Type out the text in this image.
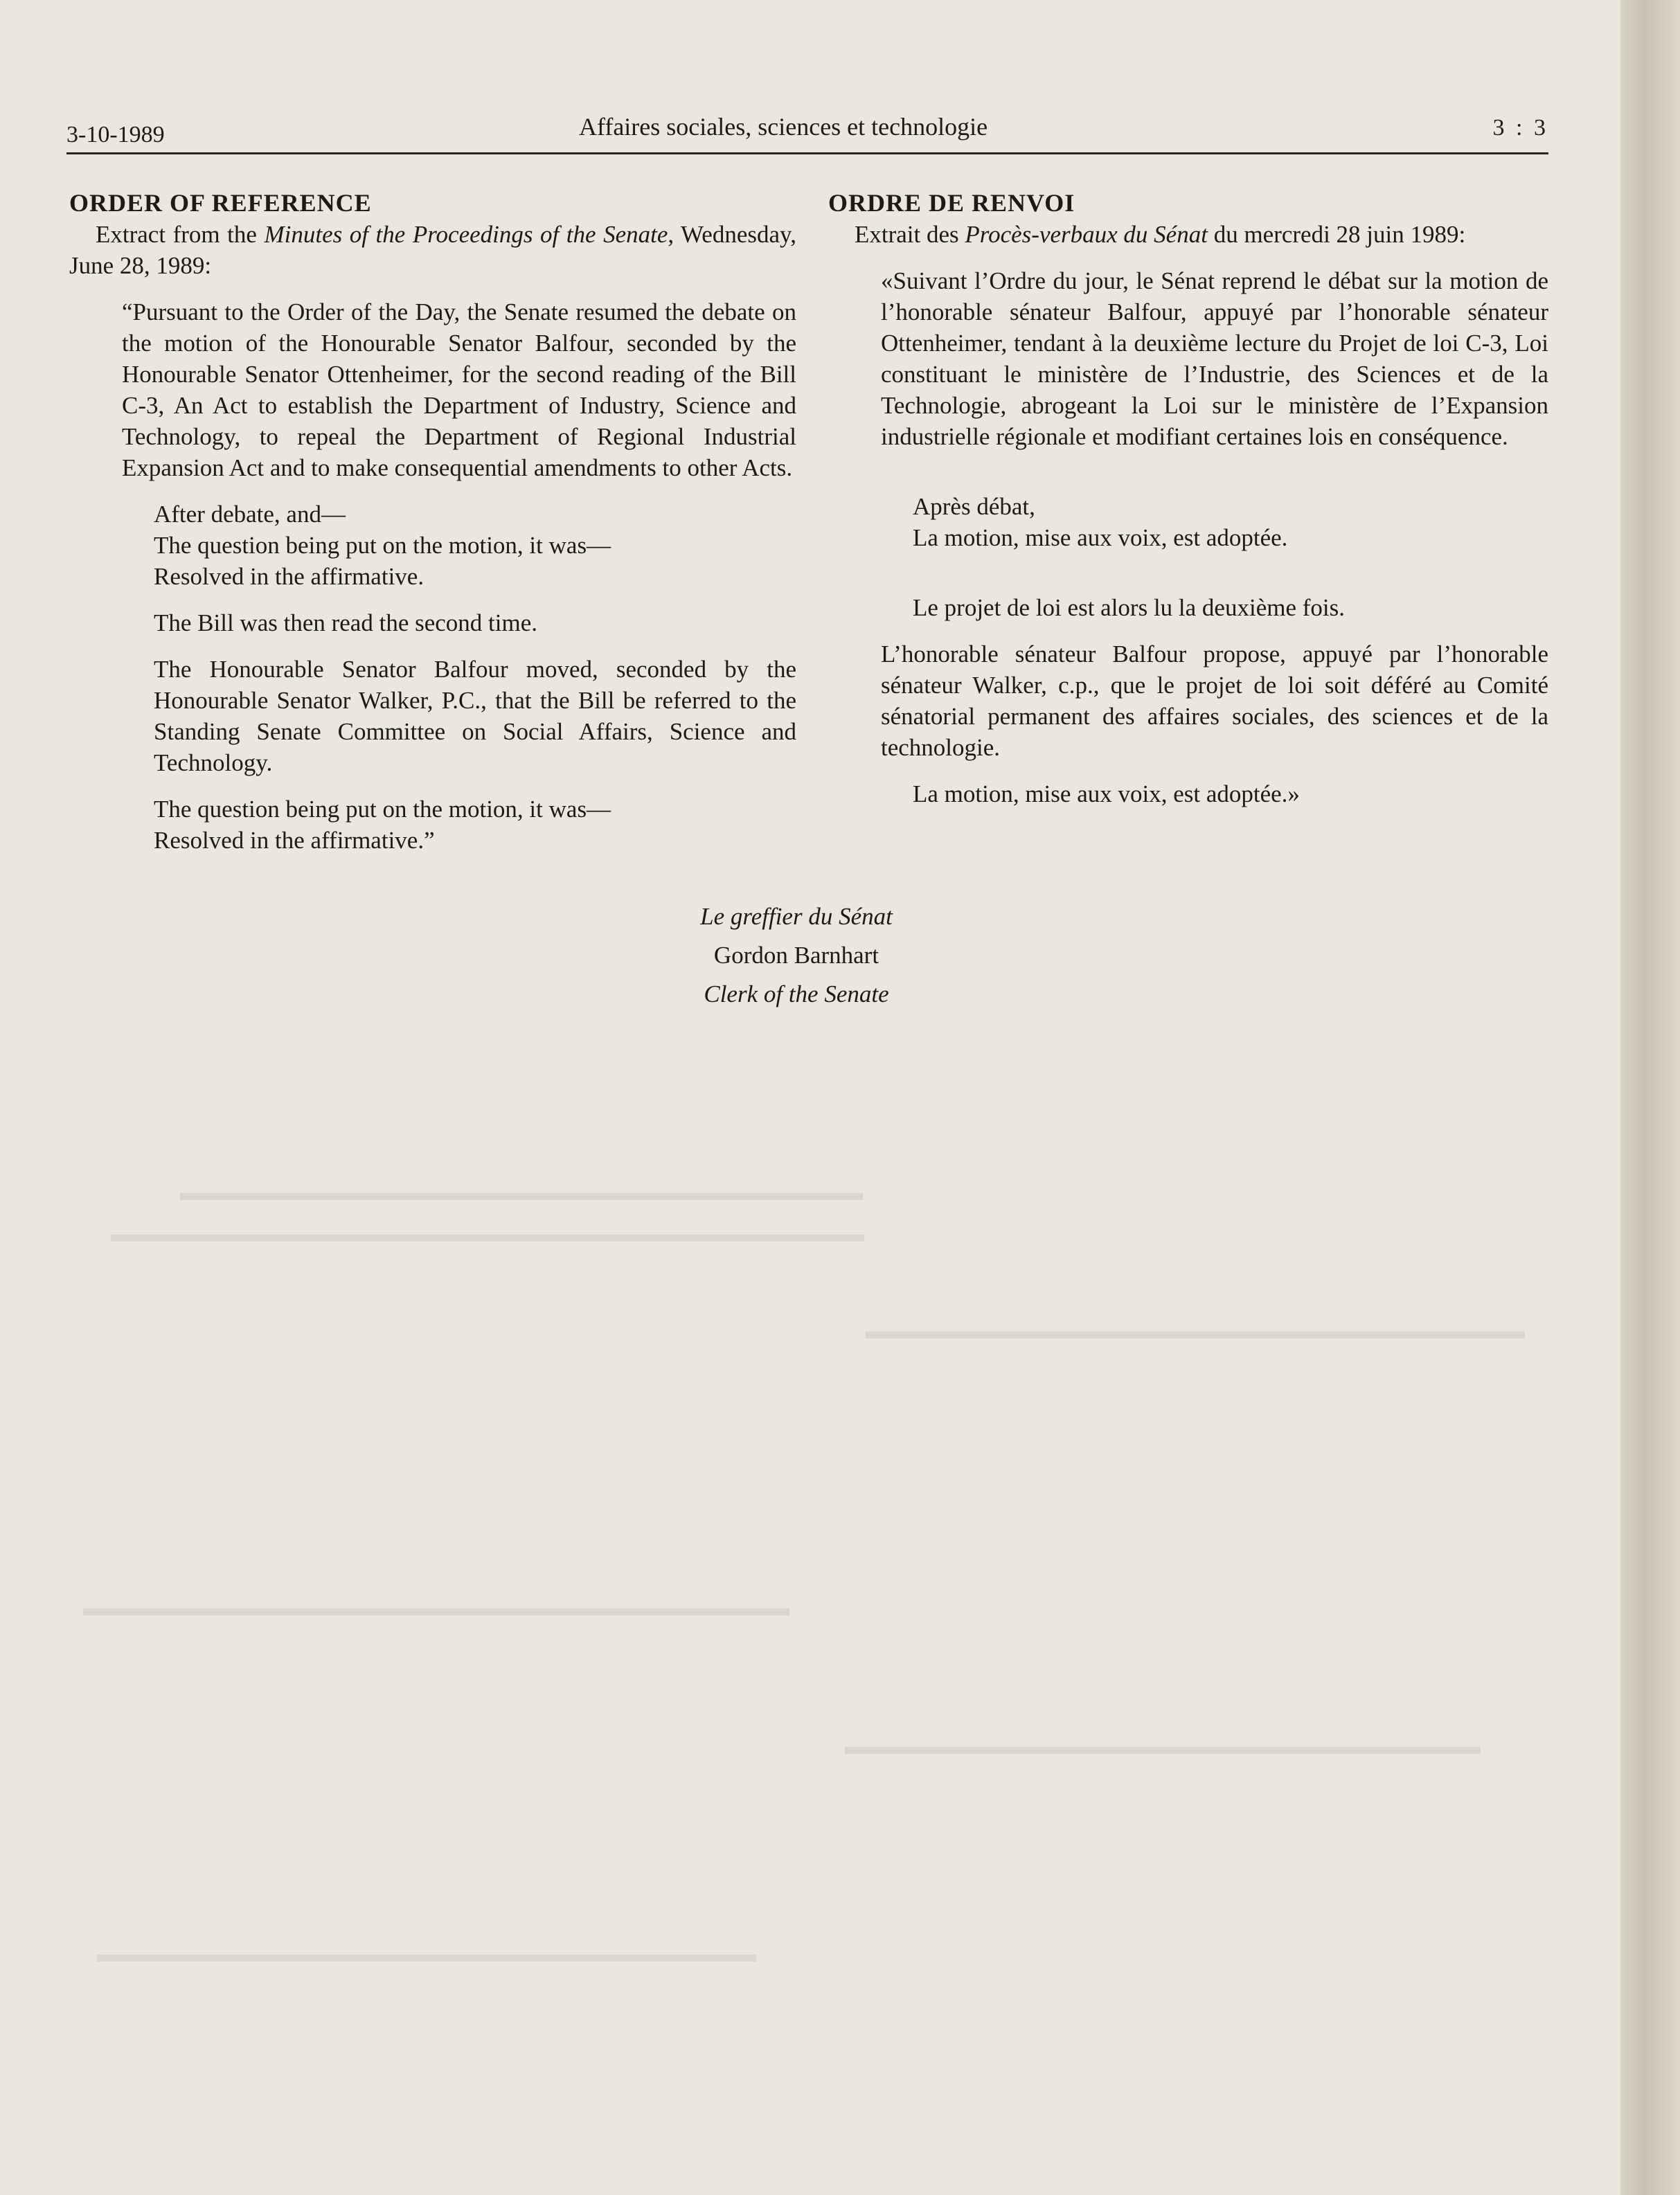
3-10-1989	Affaires sociales, sciences et technologie	3 : 3
ORDER OF REFERENCE

Extract from the Minutes of the Proceedings of the Senate, Wednesday, June 28, 1989:

“Pursuant to the Order of the Day, the Senate resumed the debate on the motion of the Honourable Senator Balfour, seconded by the Honourable Senator Ottenheimer, for the second reading of the Bill C-3, An Act to establish the Department of Industry, Science and Technology, to repeal the Department of Regional Industrial Expansion Act and to make consequential amendments to other Acts.

After debate, and—

The question being put on the motion, it was—

Resolved in the affirmative.

The Bill was then read the second time.

The Honourable Senator Balfour moved, seconded by the Honourable Senator Walker, P.C., that the Bill be referred to the Standing Senate Committee on Social Affairs, Science and Technology.

The question being put on the motion, it was—

Resolved in the affirmative.”

ORDRE DE RENVOI

Extrait des Procès-verbaux du Sénat du mercredi 28 juin 1989:

«Suivant l’Ordre du jour, le Sénat reprend le débat sur la motion de l’honorable sénateur Balfour, appuyé par l’honorable sénateur Ottenheimer, tendant à la deuxième lecture du Projet de loi C-3, Loi constituant le ministère de l’Industrie, des Sciences et de la Technologie, abrogeant la Loi sur le ministère de l’Expansion industrielle régionale et modifiant certaines lois en conséquence.

Après débat,

La motion, mise aux voix, est adoptée.

Le projet de loi est alors lu la deuxième fois.

L’honorable sénateur Balfour propose, appuyé par l’honorable sénateur Walker, c.p., que le projet de loi soit déféré au Comité sénatorial permanent des affaires sociales, des sciences et de la technologie.

La motion, mise aux voix, est adoptée.»

Le greffier du Sénat
Gordon Barnhart
Clerk of the Senate
▬▬▬▬▬▬▬▬▬▬▬▬▬▬▬▬▬▬▬▬▬▬▬▬▬▬▬▬▬
▬▬▬▬▬▬▬▬▬▬▬▬▬▬▬▬▬▬▬▬▬▬▬▬▬▬▬▬▬▬▬▬
▬▬▬▬▬▬▬▬▬▬▬▬▬▬▬▬▬▬▬▬▬▬▬▬▬▬▬▬
▬▬▬▬▬▬▬▬▬▬▬▬▬▬▬▬▬▬▬▬▬▬▬▬▬▬▬▬▬▬
▬▬▬▬▬▬▬▬▬▬▬▬▬▬▬▬▬▬▬▬▬▬▬▬▬▬▬
▬▬▬▬▬▬▬▬▬▬▬▬▬▬▬▬▬▬▬▬▬▬▬▬▬▬▬▬
